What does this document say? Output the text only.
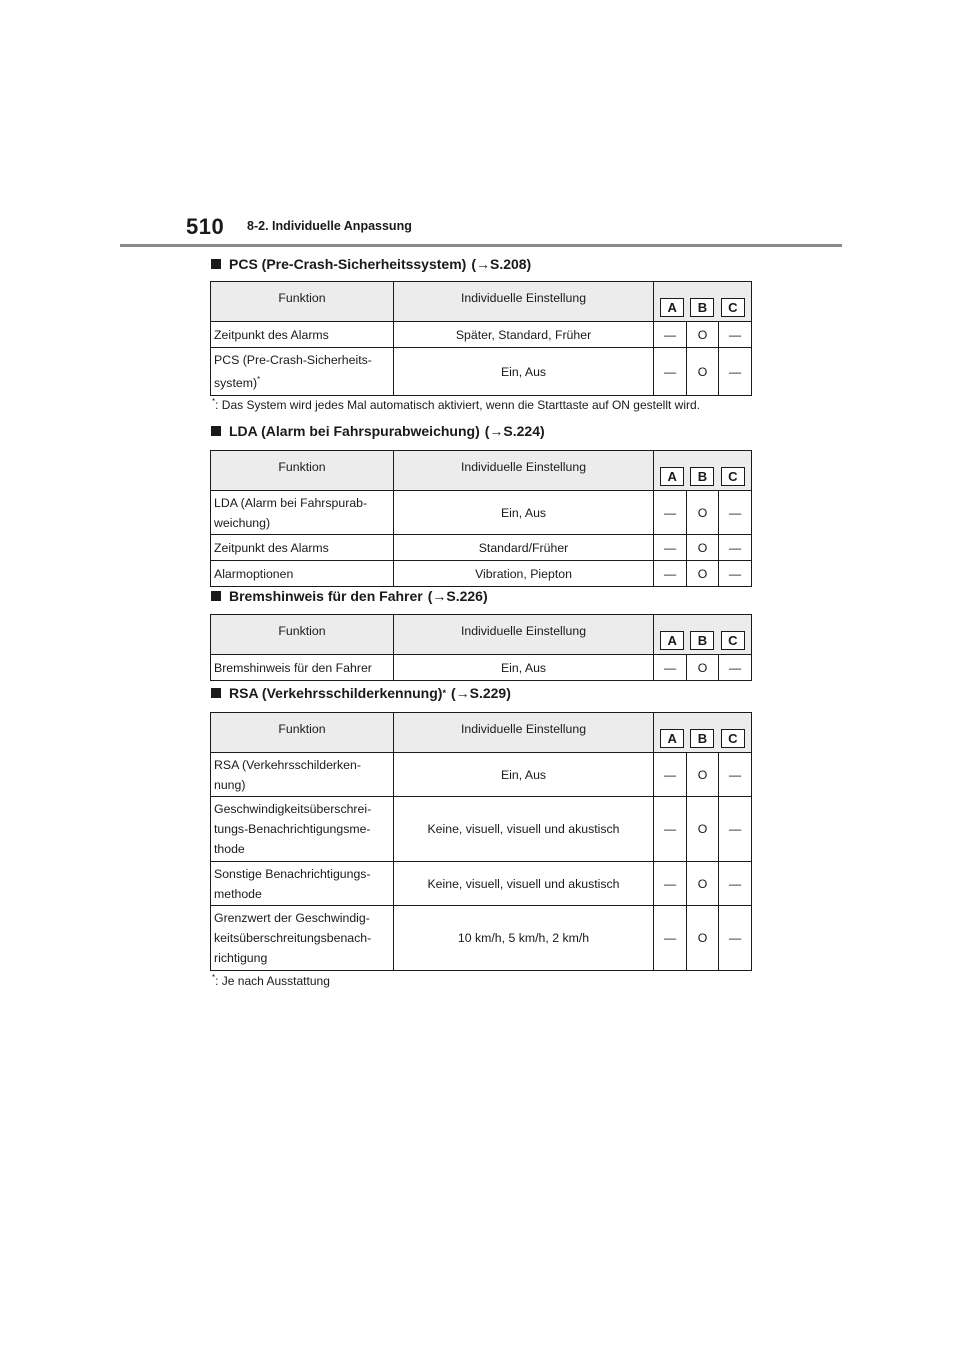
510 8-2. Individuelle Anpassung
PCS (Pre-Crash-Sicherheitssystem) (→S.208)
Funktion	Individuelle Einstellung	A B C		

Zeitpunkt des Alarms	Später, Standard, Früher	—	O	—
PCS (Pre-Crash-Sicherheits-
system)*	Ein, Aus	—	O	—
*: Das System wird jedes Mal automatisch aktiviert, wenn die Starttaste auf ON gestellt wird.
LDA (Alarm bei Fahrspurabweichung) (→S.224)
Funktion	Individuelle Einstellung	A B C		

LDA (Alarm bei Fahrspurab-
weichung)	Ein, Aus	—	O	—
Zeitpunkt des Alarms	Standard/Früher	—	O	—
Alarmoptionen	Vibration, Piepton	—	O	—
Bremshinweis für den Fahrer (→S.226)
Funktion	Individuelle Einstellung	A B C		

Bremshinweis für den Fahrer	Ein, Aus	—	O	—
RSA (Verkehrsschilderkennung) * (→S.229)
Funktion	Individuelle Einstellung	A B C		

RSA (Verkehrsschilderken-
nung)	Ein, Aus	—	O	—
Geschwindigkeitsüberschrei-
tungs-Benachrichtigungsme-
thode	Keine, visuell, visuell und akustisch	—	O	—
Sonstige Benachrichtigungs-
methode	Keine, visuell, visuell und akustisch	—	O	—
Grenzwert der Geschwindig-
keitsüberschreitungsbenach-
richtigung	10 km/h, 5 km/h, 2 km/h	—	O	—
*: Je nach Ausstattung
